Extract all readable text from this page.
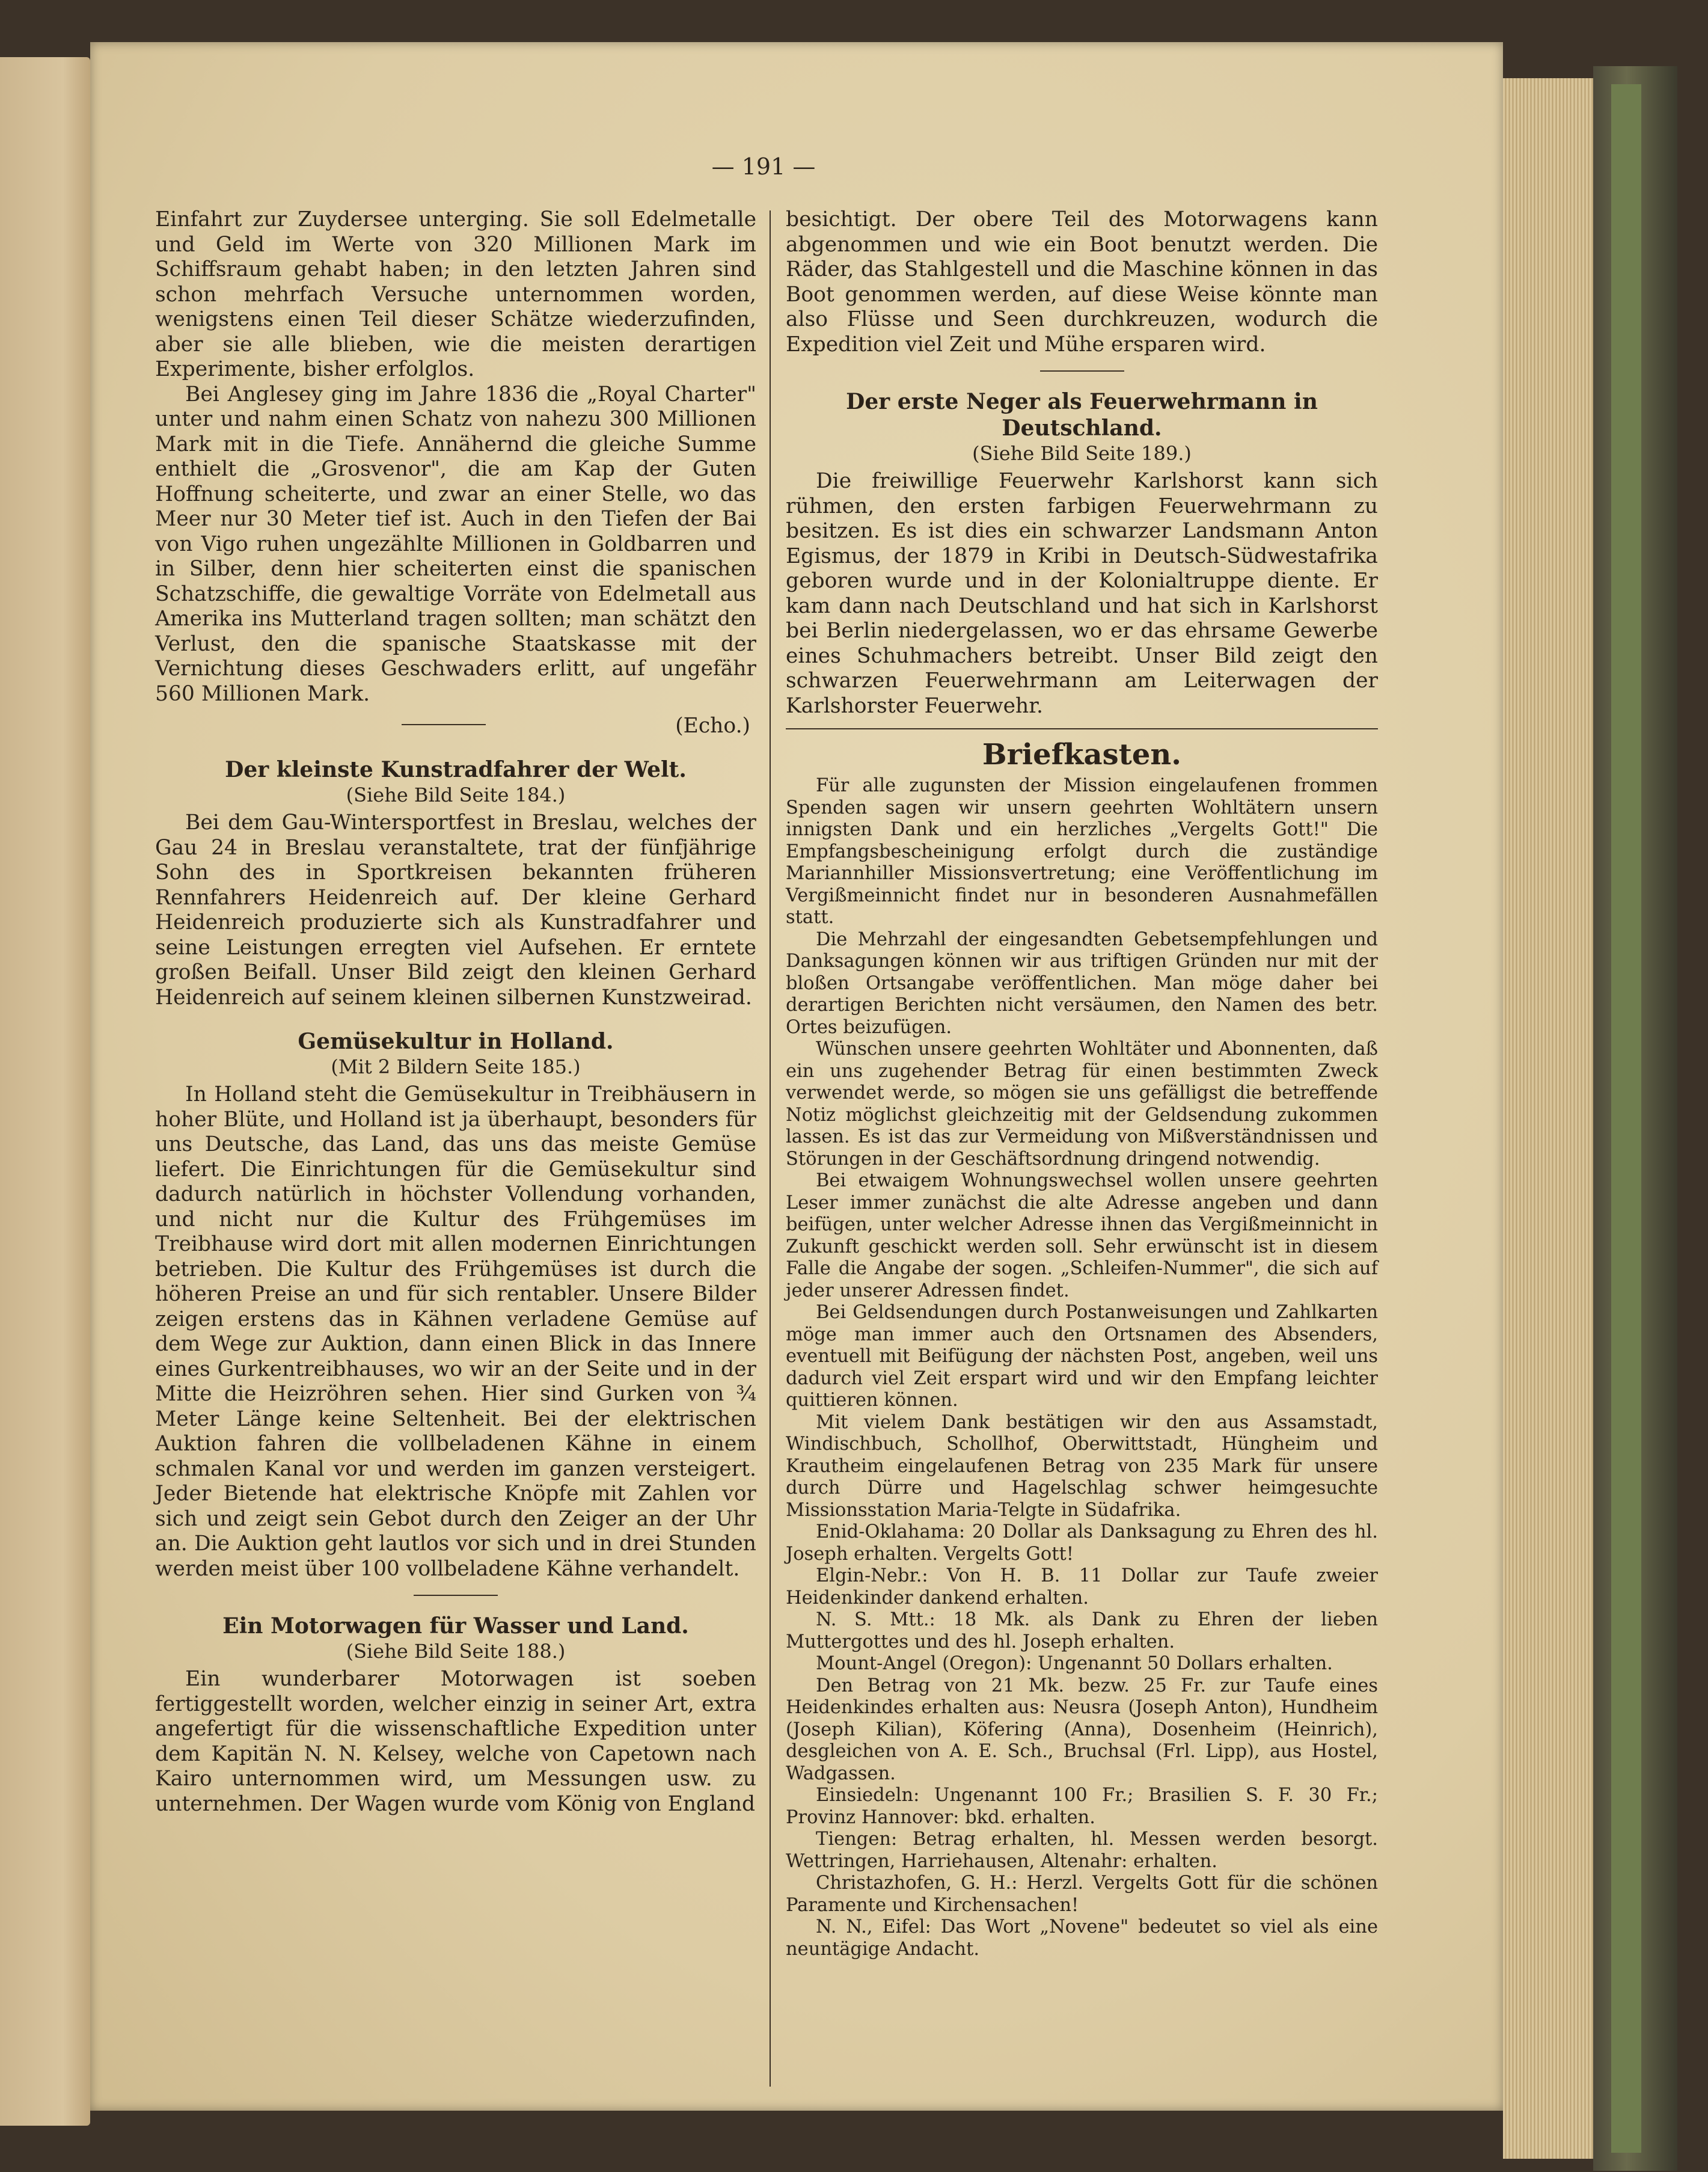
— 191 —

Einfahrt zur Zuydersee unterging. Sie soll Edelmetalle und Geld im Werte von 320 Millionen Mark im Schiffsraum gehabt haben; in den letzten Jahren sind schon mehrfach Versuche unternommen worden, wenigstens einen Teil dieser Schätze wiederzufinden, aber sie alle blieben, wie die meisten derartigen Experimente, bisher erfolglos.

Bei Anglesey ging im Jahre 1836 die „Royal Charter" unter und nahm einen Schatz von nahezu 300 Millionen Mark mit in die Tiefe. Annähernd die gleiche Summe enthielt die „Grosvenor", die am Kap der Guten Hoffnung scheiterte, und zwar an einer Stelle, wo das Meer nur 30 Meter tief ist. Auch in den Tiefen der Bai von Vigo ruhen ungezählte Millionen in Goldbarren und in Silber, denn hier scheiterten einst die spanischen Schatzschiffe, die gewaltige Vorräte von Edelmetall aus Amerika ins Mutterland tragen sollten; man schätzt den Verlust, den die spanische Staatskasse mit der Vernichtung dieses Geschwaders erlitt, auf ungefähr 560 Millionen Mark.

(Echo.)

Der kleinste Kunstradfahrer der Welt.

(Siehe Bild Seite 184.)

Bei dem Gau-Wintersportfest in Breslau, welches der Gau 24 in Breslau veranstaltete, trat der fünfjährige Sohn des in Sportkreisen bekannten früheren Rennfahrers Heidenreich auf. Der kleine Gerhard Heidenreich produzierte sich als Kunstradfahrer und seine Leistungen erregten viel Aufsehen. Er erntete großen Beifall. Unser Bild zeigt den kleinen Gerhard Heidenreich auf seinem kleinen silbernen Kunstzweirad.

Gemüsekultur in Holland.

(Mit 2 Bildern Seite 185.)

In Holland steht die Gemüsekultur in Treibhäusern in hoher Blüte, und Holland ist ja überhaupt, besonders für uns Deutsche, das Land, das uns das meiste Gemüse liefert. Die Einrichtungen für die Gemüsekultur sind dadurch natürlich in höchster Vollendung vorhanden, und nicht nur die Kultur des Frühgemüses im Treibhause wird dort mit allen modernen Einrichtungen betrieben. Die Kultur des Frühgemüses ist durch die höheren Preise an und für sich rentabler. Unsere Bilder zeigen erstens das in Kähnen verladene Gemüse auf dem Wege zur Auktion, dann einen Blick in das Innere eines Gurkentreibhauses, wo wir an der Seite und in der Mitte die Heizröhren sehen. Hier sind Gurken von ¾ Meter Länge keine Seltenheit. Bei der elektrischen Auktion fahren die vollbeladenen Kähne in einem schmalen Kanal vor und werden im ganzen versteigert. Jeder Bietende hat elektrische Knöpfe mit Zahlen vor sich und zeigt sein Gebot durch den Zeiger an der Uhr an. Die Auktion geht lautlos vor sich und in drei Stunden werden meist über 100 vollbeladene Kähne verhandelt.

Ein Motorwagen für Wasser und Land.

(Siehe Bild Seite 188.)

Ein wunderbarer Motorwagen ist soeben fertiggestellt worden, welcher einzig in seiner Art, extra angefertigt für die wissenschaftliche Expedition unter dem Kapitän N. N. Kelsey, welche von Capetown nach Kairo unternommen wird, um Messungen usw. zu unternehmen. Der Wagen wurde vom König von England

besichtigt. Der obere Teil des Motorwagens kann abgenommen und wie ein Boot benutzt werden. Die Räder, das Stahlgestell und die Maschine können in das Boot genommen werden, auf diese Weise könnte man also Flüsse und Seen durchkreuzen, wodurch die Expedition viel Zeit und Mühe ersparen wird.

Der erste Neger als Feuerwehrmann in Deutschland.

(Siehe Bild Seite 189.)

Die freiwillige Feuerwehr Karlshorst kann sich rühmen, den ersten farbigen Feuerwehrmann zu besitzen. Es ist dies ein schwarzer Landsmann Anton Egismus, der 1879 in Kribi in Deutsch-Südwestafrika geboren wurde und in der Kolonialtruppe diente. Er kam dann nach Deutschland und hat sich in Karlshorst bei Berlin niedergelassen, wo er das ehrsame Gewerbe eines Schuhmachers betreibt. Unser Bild zeigt den schwarzen Feuerwehrmann am Leiterwagen der Karlshorster Feuerwehr.

Briefkasten.

Für alle zugunsten der Mission eingelaufenen frommen Spenden sagen wir unsern geehrten Wohltätern unsern innigsten Dank und ein herzliches „Vergelts Gott!" Die Empfangsbescheinigung erfolgt durch die zuständige Mariannhiller Missionsvertretung; eine Veröffentlichung im Vergißmeinnicht findet nur in besonderen Ausnahmefällen statt.

Die Mehrzahl der eingesandten Gebetsempfehlungen und Danksagungen können wir aus triftigen Gründen nur mit der bloßen Ortsangabe veröffentlichen. Man möge daher bei derartigen Berichten nicht versäumen, den Namen des betr. Ortes beizufügen.

Wünschen unsere geehrten Wohltäter und Abonnenten, daß ein uns zugehender Betrag für einen bestimmten Zweck verwendet werde, so mögen sie uns gefälligst die betreffende Notiz möglichst gleichzeitig mit der Geldsendung zukommen lassen. Es ist das zur Vermeidung von Mißverständnissen und Störungen in der Geschäftsordnung dringend notwendig.

Bei etwaigem Wohnungswechsel wollen unsere geehrten Leser immer zunächst die alte Adresse angeben und dann beifügen, unter welcher Adresse ihnen das Vergißmeinnicht in Zukunft geschickt werden soll. Sehr erwünscht ist in diesem Falle die Angabe der sogen. „Schleifen-Nummer", die sich auf jeder unserer Adressen findet.

Bei Geldsendungen durch Postanweisungen und Zahlkarten möge man immer auch den Ortsnamen des Absenders, eventuell mit Beifügung der nächsten Post, angeben, weil uns dadurch viel Zeit erspart wird und wir den Empfang leichter quittieren können.

Mit vielem Dank bestätigen wir den aus Assamstadt, Windischbuch, Schollhof, Oberwittstadt, Hüngheim und Krautheim eingelaufenen Betrag von 235 Mark für unsere durch Dürre und Hagelschlag schwer heimgesuchte Missionsstation Maria-Telgte in Südafrika.

Enid-Oklahama: 20 Dollar als Danksagung zu Ehren des hl. Joseph erhalten. Vergelts Gott!

Elgin-Nebr.: Von H. B. 11 Dollar zur Taufe zweier Heidenkinder dankend erhalten.

N. S. Mtt.: 18 Mk. als Dank zu Ehren der lieben Muttergottes und des hl. Joseph erhalten.

Mount-Angel (Oregon): Ungenannt 50 Dollars erhalten.

Den Betrag von 21 Mk. bezw. 25 Fr. zur Taufe eines Heidenkindes erhalten aus: Neusra (Joseph Anton), Hundheim (Joseph Kilian), Köfering (Anna), Dosenheim (Heinrich), desgleichen von A. E. Sch., Bruchsal (Frl. Lipp), aus Hostel, Wadgassen.

Einsiedeln: Ungenannt 100 Fr.; Brasilien S. F. 30 Fr.; Provinz Hannover: bkd. erhalten.

Tiengen: Betrag erhalten, hl. Messen werden besorgt. Wettringen, Harriehausen, Altenahr: erhalten.

Christazhofen, G. H.: Herzl. Vergelts Gott für die schönen Paramente und Kirchensachen!

N. N., Eifel: Das Wort „Novene" bedeutet so viel als eine neuntägige Andacht.
